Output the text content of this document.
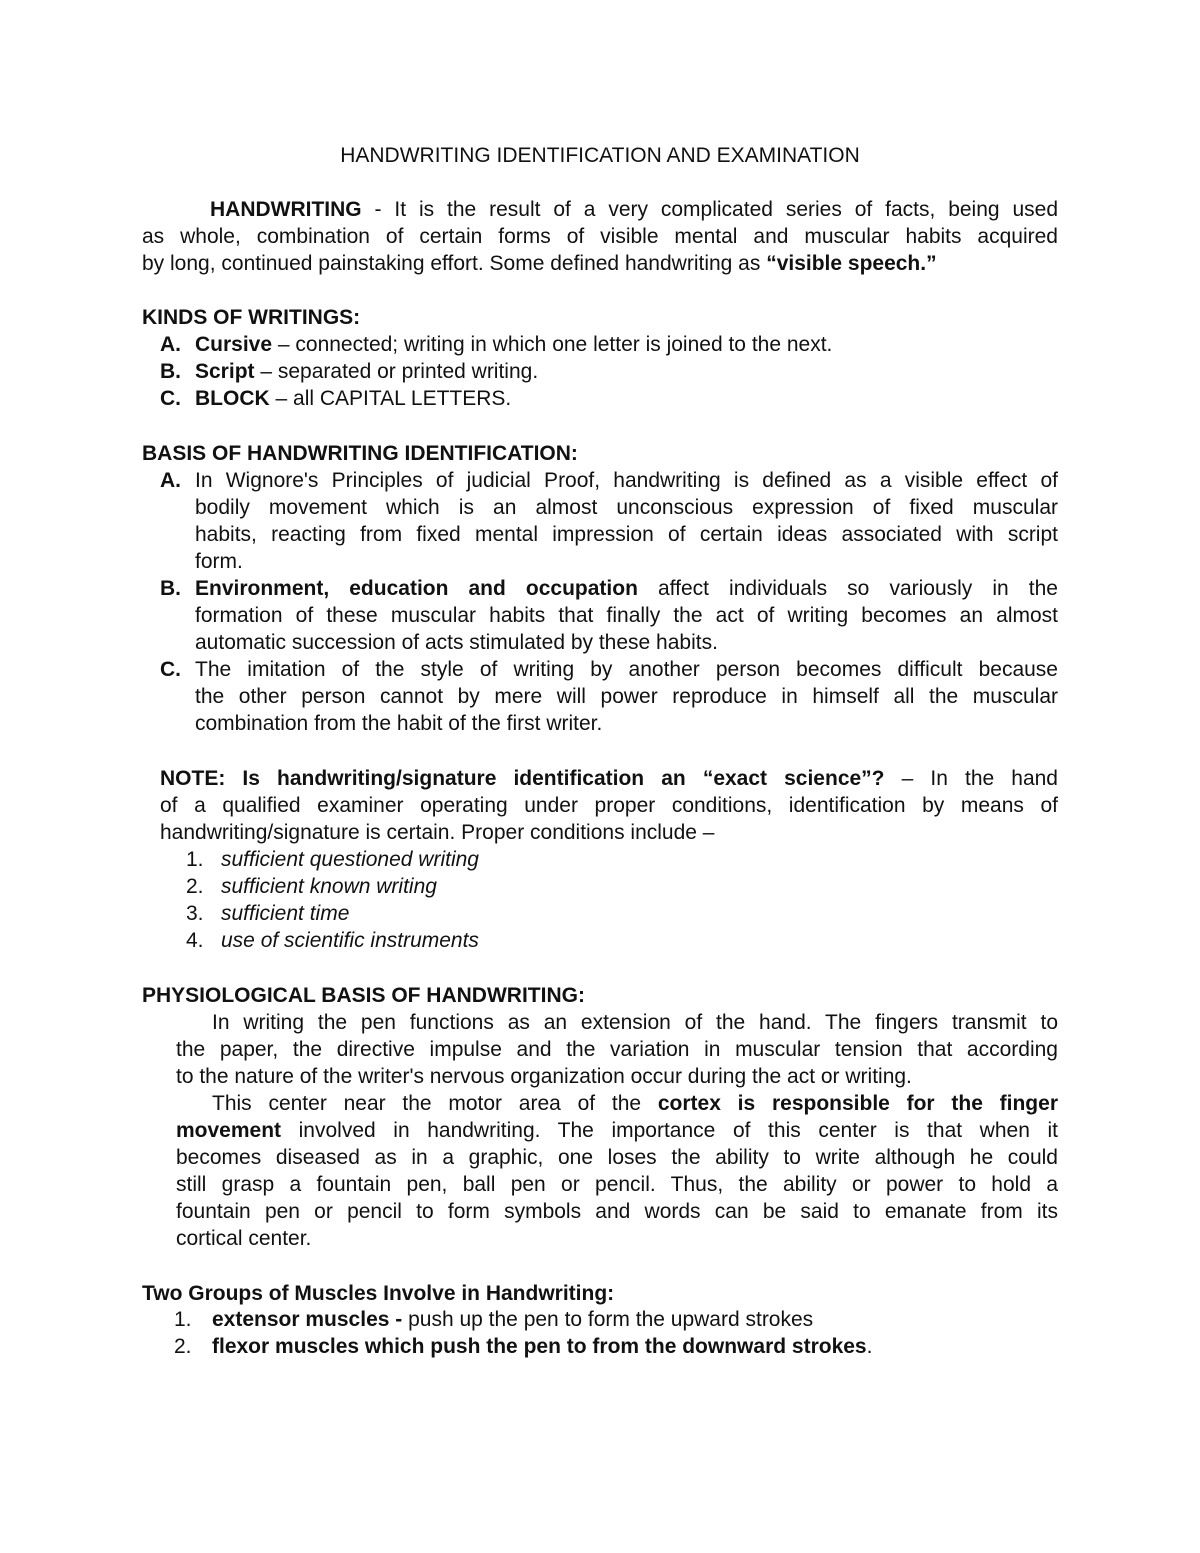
HANDWRITING IDENTIFICATION AND EXAMINATION
HANDWRITING - It is the result of a very complicated series of facts, being used
as whole, combination of certain forms of visible mental and muscular habits acquired
by long, continued painstaking effort. Some defined handwriting as “visible speech.”
KINDS OF WRITINGS:
A. Cursive – connected; writing in which one letter is joined to the next.
B. Script – separated or printed writing.
C. BLOCK – all CAPITAL LETTERS.
BASIS OF HANDWRITING IDENTIFICATION:
A. In Wignore's Principles of judicial Proof, handwriting is defined as a visible effect of
bodily movement which is an almost unconscious expression of fixed muscular
habits, reacting from fixed mental impression of certain ideas associated with script
form.
B. Environment, education and occupation affect individuals so variously in the
formation of these muscular habits that finally the act of writing becomes an almost
automatic succession of acts stimulated by these habits.
C. The imitation of the style of writing by another person becomes difficult because
the other person cannot by mere will power reproduce in himself all the muscular
combination from the habit of the first writer.
NOTE: Is handwriting/signature identification an “exact science”? – In the hand
of a qualified examiner operating under proper conditions, identification by means of
handwriting/signature is certain. Proper conditions include –
1. sufficient questioned writing
2. sufficient known writing
3. sufficient time
4. use of scientific instruments
PHYSIOLOGICAL BASIS OF HANDWRITING:
In writing the pen functions as an extension of the hand. The fingers transmit to
the paper, the directive impulse and the variation in muscular tension that according
to the nature of the writer's nervous organization occur during the act or writing.
This center near the motor area of the cortex is responsible for the finger
movement involved in handwriting. The importance of this center is that when it
becomes diseased as in a graphic, one loses the ability to write although he could
still grasp a fountain pen, ball pen or pencil. Thus, the ability or power to hold a
fountain pen or pencil to form symbols and words can be said to emanate from its
cortical center.
Two Groups of Muscles Involve in Handwriting:
1. extensor muscles - push up the pen to form the upward strokes
2. flexor muscles which push the pen to from the downward strokes.
